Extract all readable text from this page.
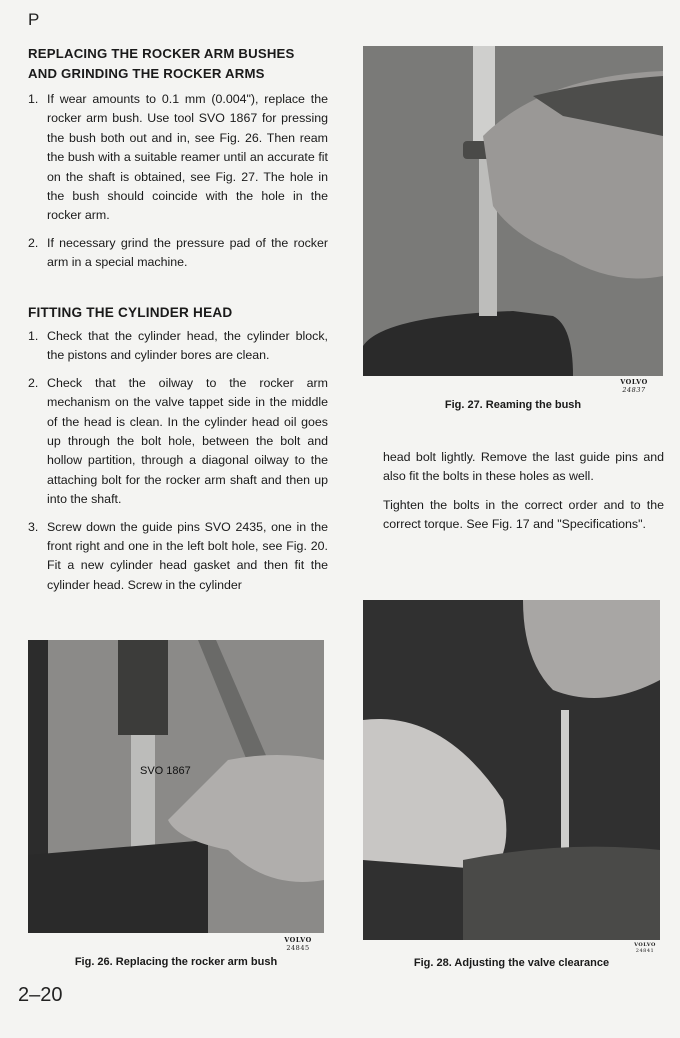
P
REPLACING THE ROCKER ARM BUSHES
AND GRINDING THE ROCKER ARMS
1. If wear amounts to 0.1 mm (0.004"), replace the rocker arm bush. Use tool SVO 1867 for pressing the bush both out and in, see Fig. 26. Then ream the bush with a suitable reamer until an accurate fit on the shaft is obtained, see Fig. 27. The hole in the bush should coincide with the hole in the rocker arm.
2. If necessary grind the pressure pad of the rocker arm in a special machine.
FITTING THE CYLINDER HEAD
1. Check that the cylinder head, the cylinder block, the pistons and cylinder bores are clean.
2. Check that the oilway to the rocker arm mechanism on the valve tappet side in the middle of the head is clean. In the cylinder head oil goes up through the bolt hole, between the bolt and hollow partition, through a diagonal oilway to the attaching bolt for the rocker arm shaft and then up into the shaft.
3. Screw down the guide pins SVO 2435, one in the front right and one in the left bolt hole, see Fig. 20. Fit a new cylinder head gasket and then fit the cylinder head. Screw in the cylinder

head bolt lightly. Remove the last guide pins and also fit the bolts in these holes as well.

Tighten the bolts in the correct order and to the correct torque. See Fig. 17 and "Specifications".

VOLVO
24837
Fig. 27. Reaming the bush
SVO 1867
VOLVO
24845
Fig. 26. Replacing the rocker arm bush
VOLVO
24841
Fig. 28. Adjusting the valve clearance
2–20
